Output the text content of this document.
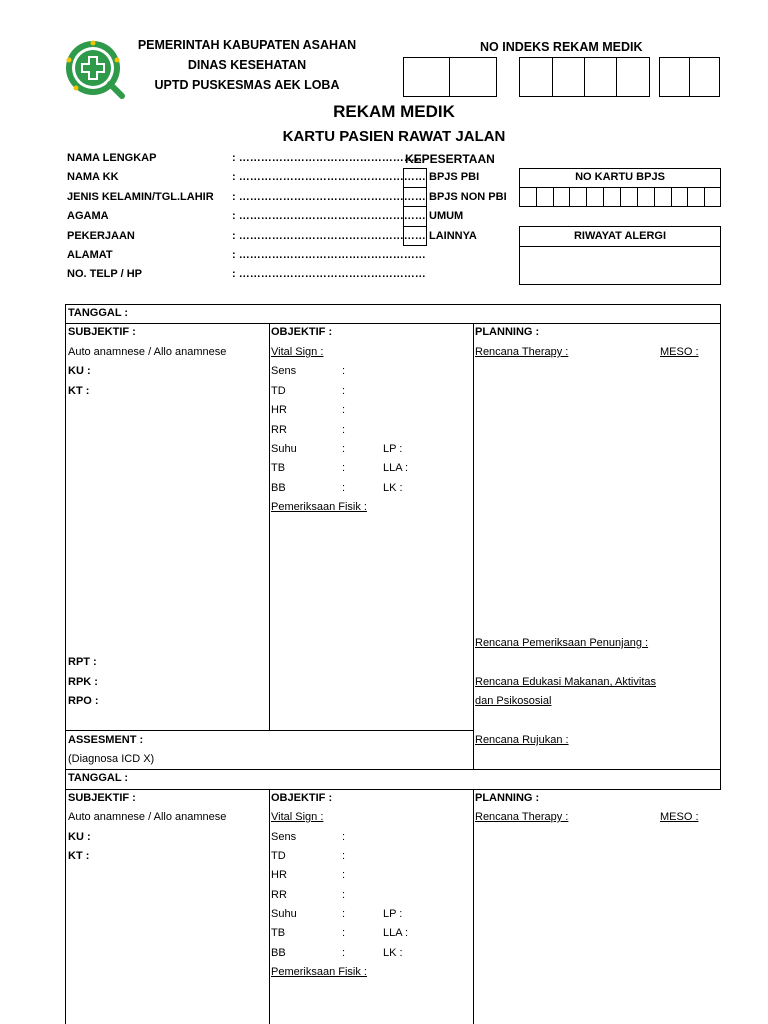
PEMERINTAH KABUPATEN ASAHAN
DINAS KESEHATAN
UPTD PUSKESMAS AEK LOBA
NO INDEKS REKAM MEDIK
REKAM MEDIK
KARTU PASIEN RAWAT JALAN
NAMA LENGKAP	: ……………………………………………
NAMA KK	: ……………………………………………
JENIS KELAMIN/TGL.LAHIR : ……………………………………………
AGAMA	: ……………………………………………
PEKERJAAN	: ……………………………………………
ALAMAT	: ……………………………………………
NO. TELP / HP	: ……………………………………………
KEPESERTAAN
BPJS PBI
BPJS NON PBI
UMUM
LAINNYA
NO KARTU BPJS
RIWAYAT ALERGI
TANGGAL :
SUBJEKTIF :
Auto anamnese / Allo anamnese
KU :
KT :
RPT :
RPK :
RPO :
OBJEKTIF :
Vital Sign :
Sens	:
TD	:
HR	:
RR	:
Suhu	:	LP :
TB	:	LLA :
BB	:	LK :
Pemeriksaan Fisik :
PLANNING :
Rencana Therapy :	MESO :
Rencana Pemeriksaan Penunjang :
Rencana Edukasi Makanan, Aktivitas
dan Psikososial
Rencana Rujukan :
ASSESMENT :
(Diagnosa ICD X)
TANGGAL :
SUBJEKTIF :
Auto anamnese / Allo anamnese
KU :
KT :
OBJEKTIF :
Vital Sign :
Sens	:
TD	:
HR	:
RR	:
Suhu	:	LP :
TB	:	LLA :
BB	:	LK :
Pemeriksaan Fisik :
PLANNING :
Rencana Therapy :	MESO :
